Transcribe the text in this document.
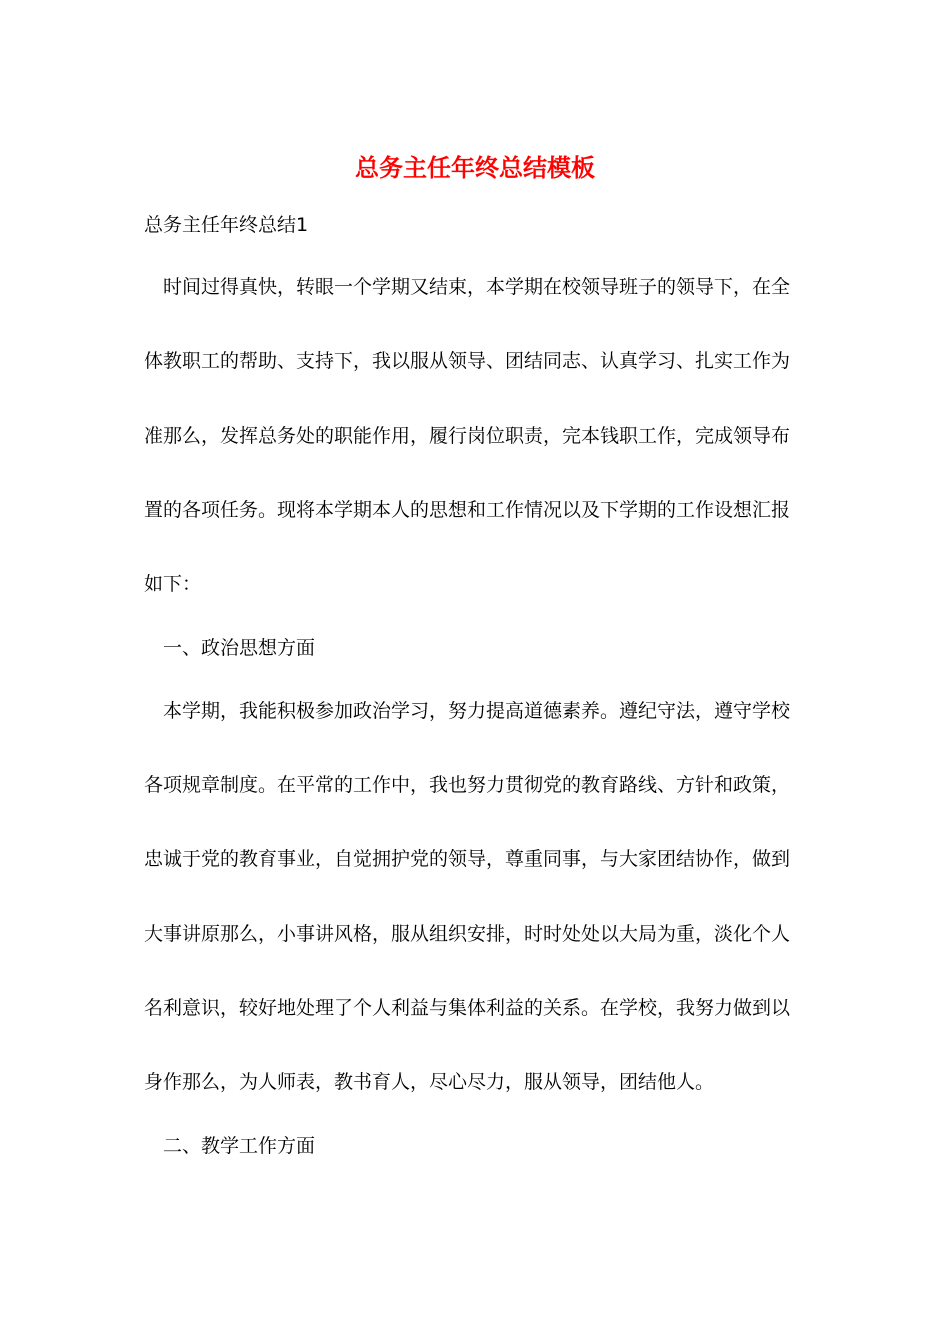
总务主任年终总结模板
总务主任年终总结1
　时间过得真快，转眼一个学期又结束，本学期在校领导班子的领导下，在全
体教职工的帮助、支持下，我以服从领导、团结同志、认真学习、扎实工作为
准那么，发挥总务处的职能作用，履行岗位职责，完本钱职工作，完成领导布
置的各项任务。现将本学期本人的思想和工作情况以及下学期的工作设想汇报
如下：
一、政治思想方面
　本学期，我能积极参加政治学习，努力提高道德素养。遵纪守法，遵守学校
各项规章制度。在平常的工作中，我也努力贯彻党的教育路线、方针和政策，
忠诚于党的教育事业，自觉拥护党的领导，尊重同事，与大家团结协作，做到
大事讲原那么，小事讲风格，服从组织安排，时时处处以大局为重，淡化个人
名利意识，较好地处理了个人利益与集体利益的关系。在学校，我努力做到以
身作那么，为人师表，教书育人，尽心尽力，服从领导，团结他人。
二、教学工作方面
